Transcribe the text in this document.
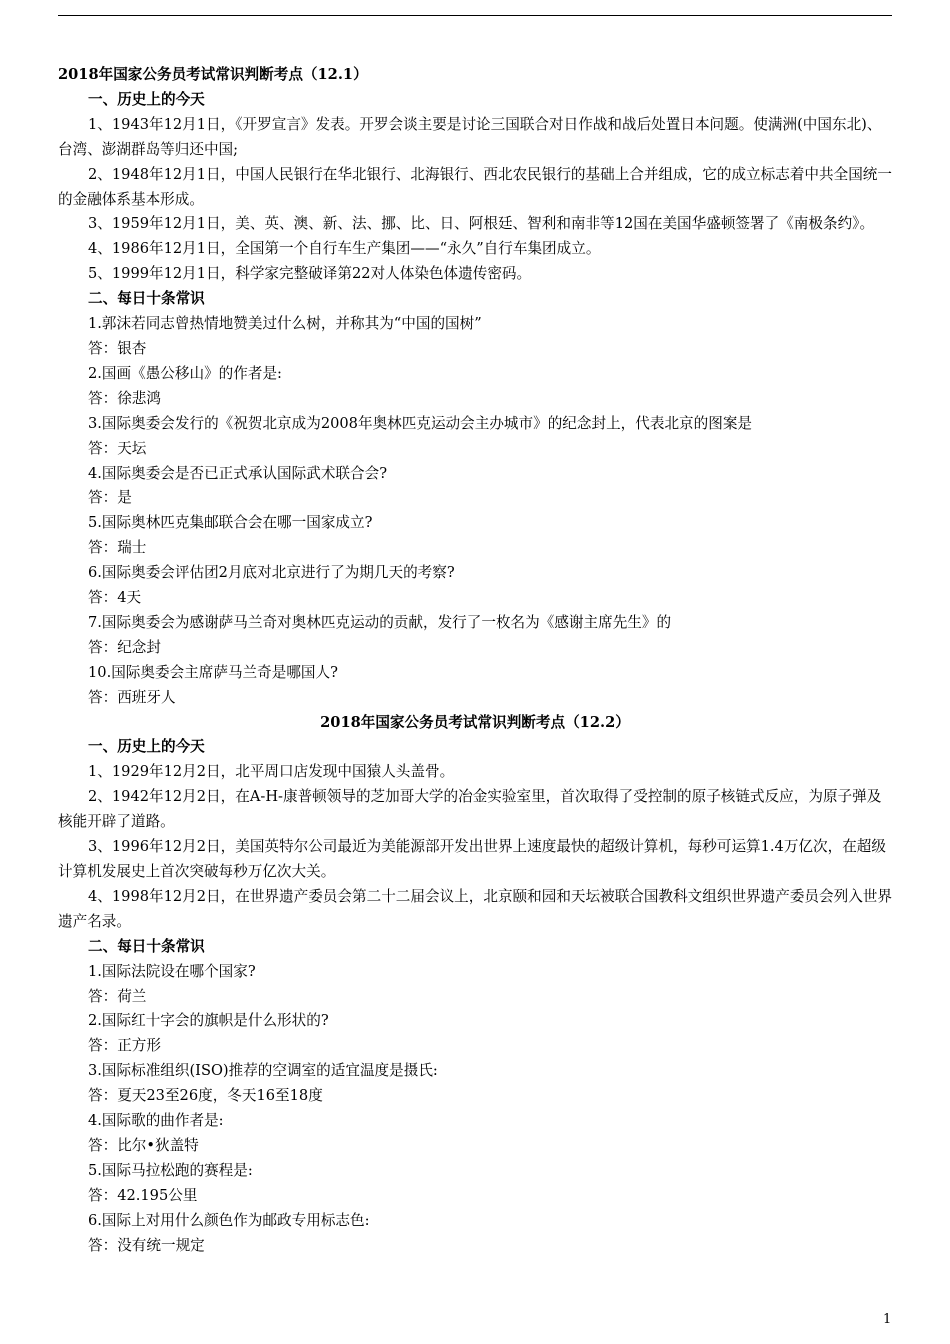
2018年国家公务员考试常识判断考点（12.1）

一、历史上的今天

1、1943年12月1日，《开罗宣言》发表。开罗会谈主要是讨论三国联合对日作战和战后处置日本问题。使满洲(中国东北)、台湾、澎湖群岛等归还中国;

2、1948年12月1日，中国人民银行在华北银行、北海银行、西北农民银行的基础上合并组成，它的成立标志着中共全国统一的金融体系基本形成。

3、1959年12月1日，美、英、澳、新、法、挪、比、日、阿根廷、智利和南非等12国在美国华盛顿签署了《南极条约》。

4、1986年12月1日，全国第一个自行车生产集团——“永久”自行车集团成立。

5、1999年12月1日，科学家完整破译第22对人体染色体遗传密码。

二、每日十条常识

1.郭沫若同志曾热情地赞美过什么树，并称其为“中国的国树”

答：银杏

2.国画《愚公移山》的作者是:

答：徐悲鸿

3.国际奥委会发行的《祝贺北京成为2008年奥林匹克运动会主办城市》的纪念封上，代表北京的图案是

答：天坛

4.国际奥委会是否已正式承认国际武术联合会?

答：是

5.国际奥林匹克集邮联合会在哪一国家成立?

答：瑞士

6.国际奥委会评估团2月底对北京进行了为期几天的考察?

答：4天

7.国际奥委会为感谢萨马兰奇对奥林匹克运动的贡献，发行了一枚名为《感谢主席先生》的

答：纪念封

10.国际奥委会主席萨马兰奇是哪国人?

答：西班牙人

2018年国家公务员考试常识判断考点（12.2）

一、历史上的今天

1、1929年12月2日，北平周口店发现中国猿人头盖骨。

2、1942年12月2日，在A-H-康普顿领导的芝加哥大学的冶金实验室里，首次取得了受控制的原子核链式反应，为原子弹及核能开辟了道路。

3、1996年12月2日，美国英特尔公司最近为美能源部开发出世界上速度最快的超级计算机，每秒可运算1.4万亿次，在超级计算机发展史上首次突破每秒万亿次大关。

4、1998年12月2日，在世界遗产委员会第二十二届会议上，北京颐和园和天坛被联合国教科文组织世界遗产委员会列入世界遗产名录。

二、每日十条常识

1.国际法院设在哪个国家?

答：荷兰

2.国际红十字会的旗帜是什么形状的?

答：正方形

3.国际标准组织(ISO)推荐的空调室的适宜温度是摄氏:

答：夏天23至26度，冬天16至18度

4.国际歌的曲作者是:

答：比尔•狄盖特

5.国际马拉松跑的赛程是:

答：42.195公里

6.国际上对用什么颜色作为邮政专用标志色:

答：没有统一规定

1
